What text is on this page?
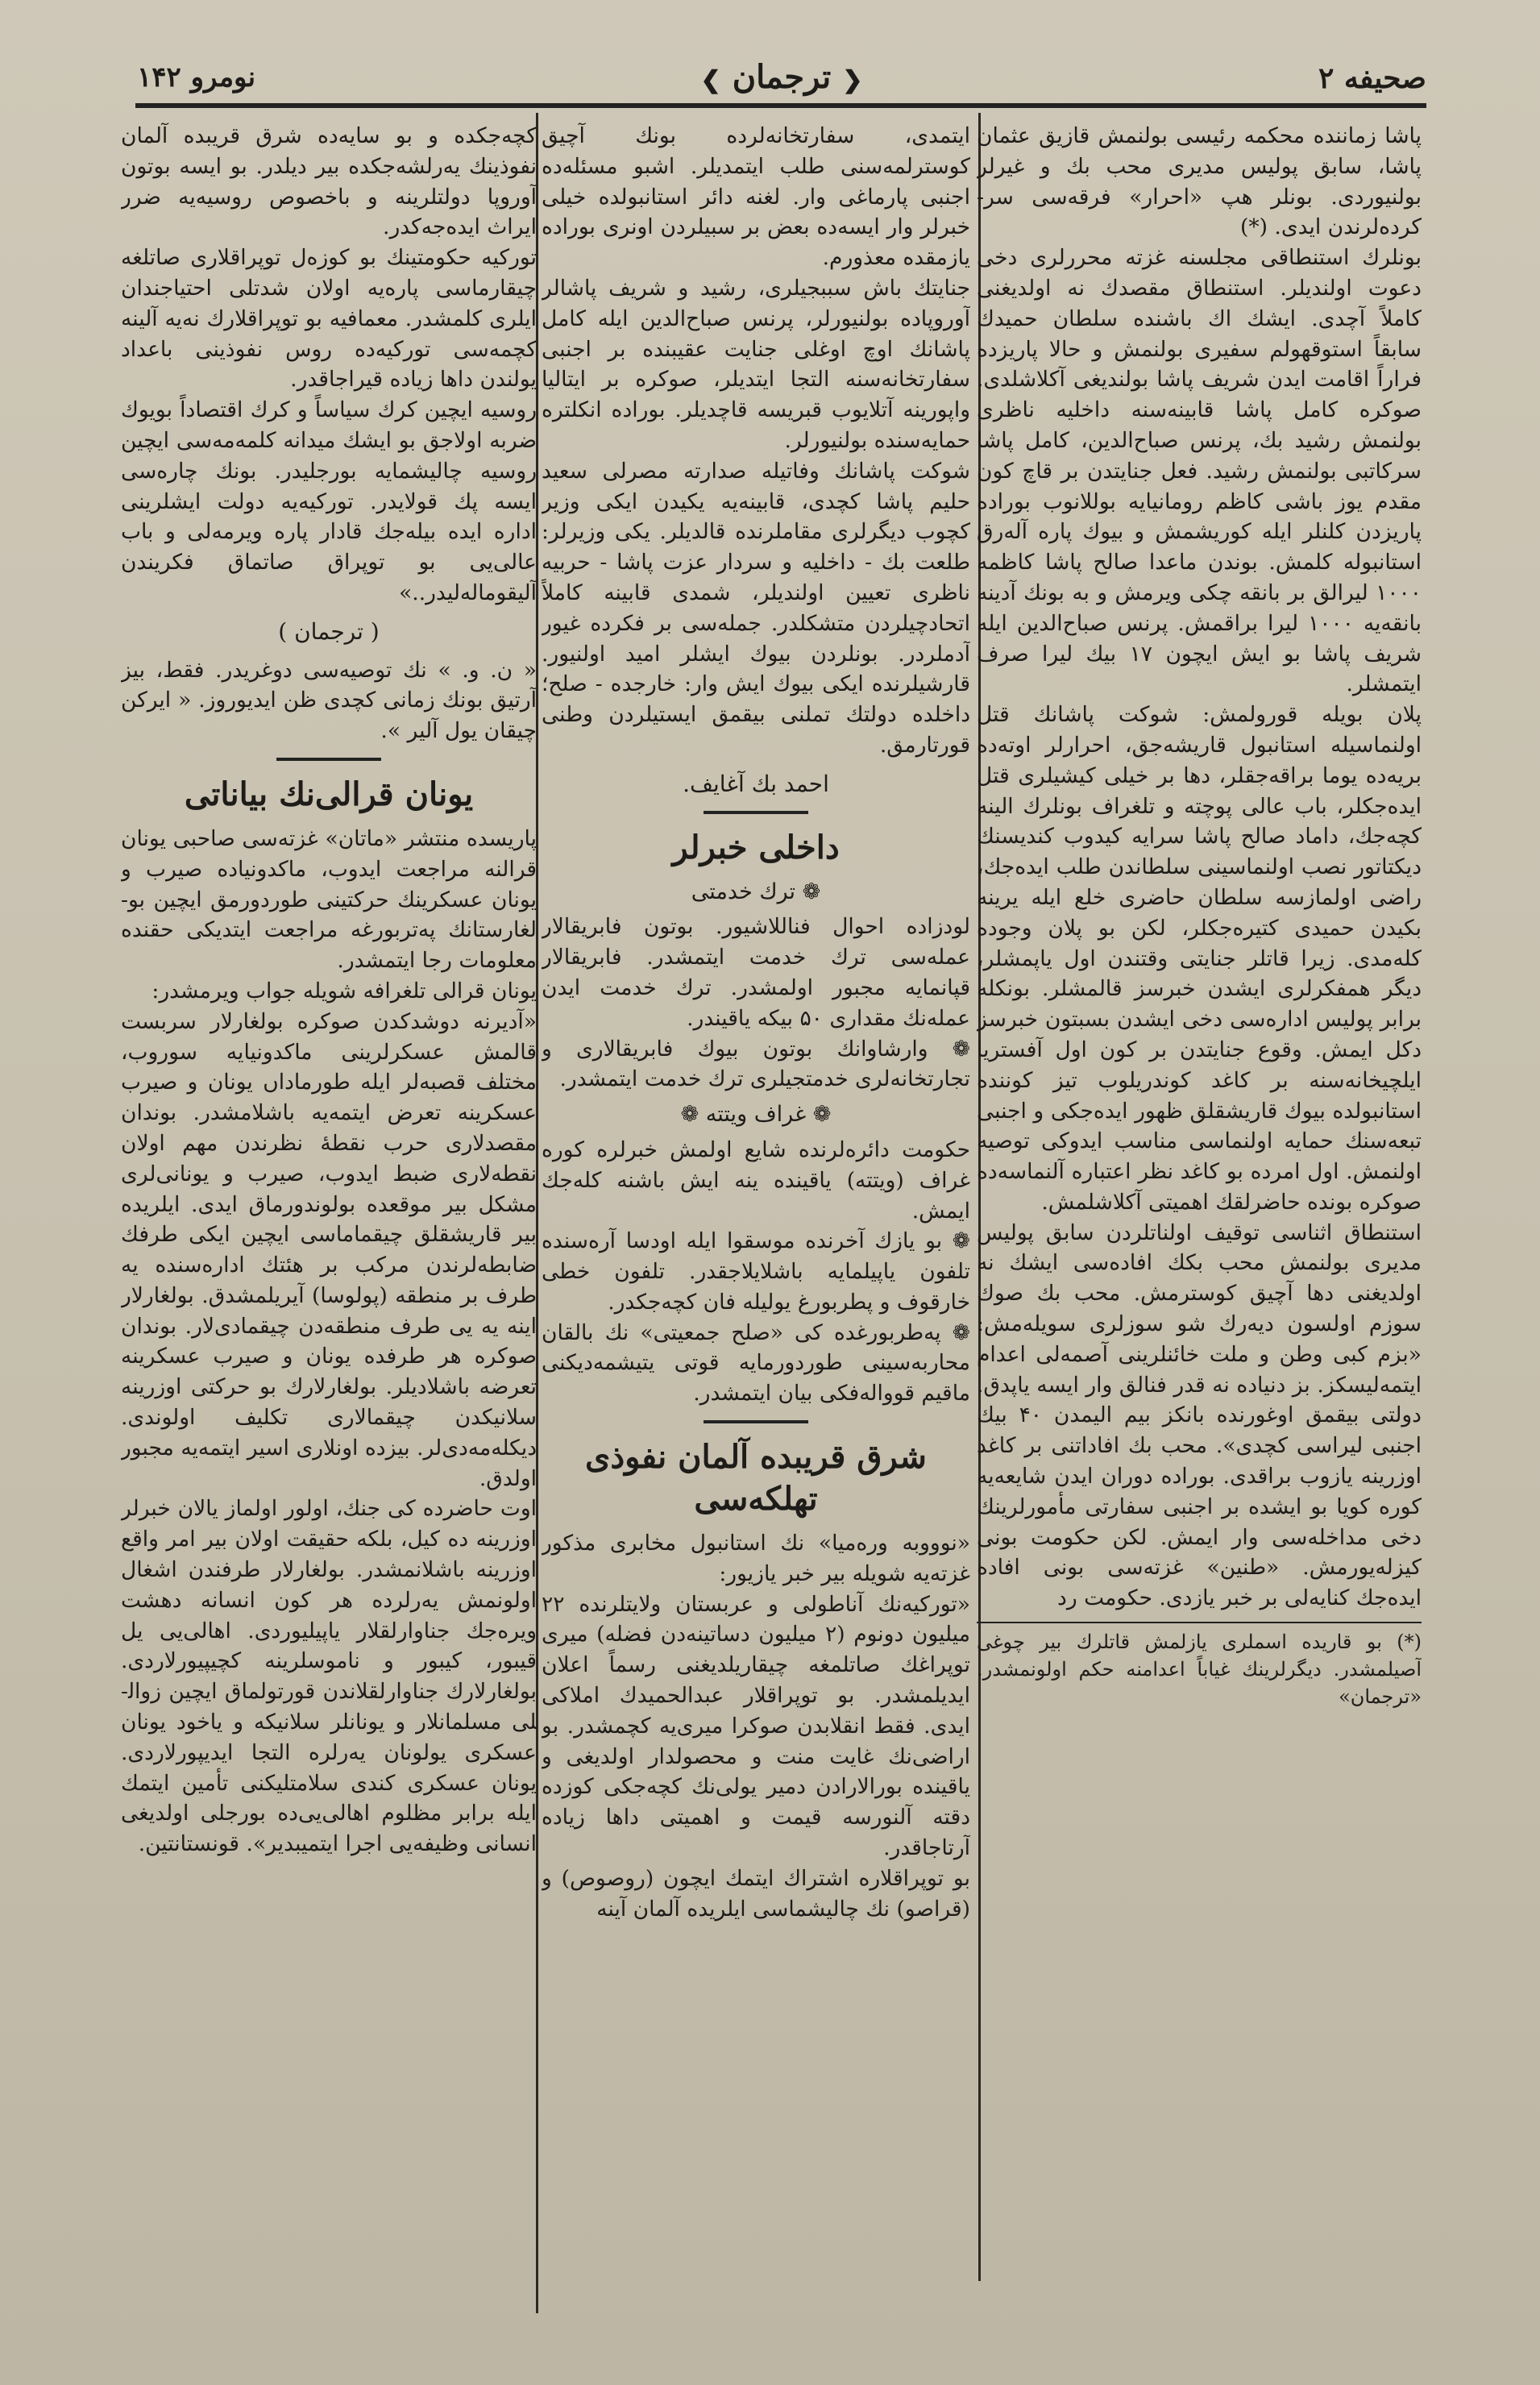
صحیفه ۲
❮ترجمان❯
نومرو ۱۴۲

پاشا زماننده محکمه رئیسی بولنمش قازیق عثمان پاشا، سابق پولیس مدیری محب بك و غیرلر بولنیوردی. بونلر هپ «احرار» فرقه‌سی سرکردەلرندن ایدی. (*)

بونلرك استنطاقی مجلسنه غزته محررلری دخی دعوت اولندیلر. استنطاق مقصدك نه اولدیغنی کاملاً آچدی. ایشك اك باشنده سلطان حمیدك سابقاً استوقهولم سفیری بولنمش و حالا پاریزده فراراً اقامت ایدن شریف پاشا بولندیغی آکلاشلدی. صوکره کامل پاشا قابینه‌سنه داخلیه ناظری بولنمش رشید بك، پرنس صباح‌الدین، کامل پاشا سرکاتبی بولنمش رشید. فعل جنایتدن بر قاچ کون مقدم یوز باشی کاظم رومانیایه بوللانوب بورادە پاریزدن کلنلر ایله کوریشمش و بیوك پاره آلەرق استانبوله کلمش. بوندن ماعدا صالح پاشا کاظمه ۱۰۰۰ لیرالق بر بانقه چکی ویرمش و به بونك آدینه بانقه‌یه ۱۰۰۰ لیرا براقمش. پرنس صباح‌الدین ایله شریف پاشا بو ایش ایچون ۱۷ بیك لیرا صرف ایتمشلر.

پلان بویله قورولمش: شوکت پاشانك قتل اولنماسیله استانبول قاریشەجق، احرارلر اوتەدە بریەدە یوما براقەجقلر، دها بر خیلی کیشیلری قتل ایدەجکلر، باب عالی پوچته و تلغراف بونلرك الینه کچەجك، داماد صالح پاشا سرایه کیدوب کندیسنك دیکتاتور نصب اولنماسینی سلطاندن طلب ایدەجك، راضی اولمازسه سلطان حاضری خلع ایله یرینه بکیدن حمیدی کتیرەجکلر، لکن بو پلان وجوده کلەمدی. زیرا قاتلر جنایتی وقتندن اول یاپمشلر، دیگر همفکرلری ایشدن خبرسز قالمشلر. بونکله برابر پولیس ادارەسی دخی ایشدن بسبتون خبرسز دکل ایمش. وقوع جنایتدن بر کون اول آفستریا ایلچیخانه‌سنه بر کاغد کوندریلوب تیز کوننده استانبولده بیوك قاریشقلق ظهور ایدەجکی و اجنبی تبعه‌سنك حمایه اولنماسی مناسب ایدوکی توصیه اولنمش. اول امردە بو کاغد نظر اعتباره آلنماسەدە صوکره بوندە حاضرلقك اهمیتی آکلاشلمش.

استنطاق اثناسی توقیف اولناتلردن سابق پولیس مدیری بولنمش محب بکك افادەسی ایشك نه اولدیغنی دها آچیق کوسترمش. محب بك صوك سوزم اولسون دیه‌رك شو سوزلری سویلەمش: «بزم کبی وطن و ملت خائنلرینی آصمەلی اعدام ایتمەلیسکز. بز دنیاده نه قدر فنالق وار ایسه یاپدق. دولتی بیقمق اوغورنده بانکز بیم الیمدن ۴۰ بیك اجنبی لیراسی کچدی». محب بك افاداتنی بر کاغد اوزرینه یازوب براقدی. بورادە دوران ایدن شایعەیه کوره کویا بو ایشده بر اجنبی سفارتی مأمورلرینك دخی مداخله‌سی وار ایمش. لکن حکومت بونی کیزلەیورمش. «طنین» غزته‌سی بونی افاده ایدەجك کنایه‌لی بر خبر یازدی. حکومت رد

(*) بو قاریده اسملری یازلمش قاتلرك بیر چوغی آصیلمشدر. دیگرلرینك غیاباً اعدامنه حکم اولونمشدر. «ترجمان»

ایتمدی، سفارتخانه‌لرده بونك آچیق کوسترلمەسنی طلب ایتمدیلر. اشبو مسئلەدە اجنبی پارماغی وار. لغنه دائر استانبولده خیلی خبرلر وار ایسەده بعض بر سبیلردن اونری بورادە یازمقده معذورم.

جنایتك باش سببجیلری، رشید و شریف پاشالر آوروپاده بولنیورلر، پرنس صباح‌الدین ایله کامل پاشانك اوچ اوغلی جنایت عقیبنده بر اجنبی سفارتخانه‌سنه التجا ایتدیلر، صوکره بر ایتالیا واپورینه آتلایوب قبریسه قاچدیلر. بورادە انکلتره حمایه‌سنده بولنیورلر.

شوکت پاشانك وفاتیله صدارته مصرلی سعید حلیم پاشا کچدی، قابینه‌یه یکیدن ایکی وزیر کچوب دیگرلری مقاملرنده قالدیلر. یکی وزیرلر: طلعت بك - داخلیه و سردار عزت پاشا - حربیه ناظری تعیین اولندیلر، شمدی قابینه کاملاً اتحادچیلردن متشکلدر. جمله‌سی بر فکرده غیور آدملردر. بونلردن بیوك ایشلر امید اولنیور. قارشیلرنده ایکی بیوك ایش وار: خارجده - صلح؛ داخلده دولتك تملنی بیقمق ایستیلردن وطنی قورتارمق.

احمد بك آغایف.
داخلی خبرلر
❁ ترك خدمتی

لودزاده احوال فناللاشیور. بوتون فابریقالار عمله‌سی ترك خدمت ایتمشدر. فابریقالار قپانمایه مجبور اولمشدر. ترك خدمت ایدن عمله‌نك مقداری ۵۰ بیکه یاقیندر.

❁ وارشاوانك بوتون بیوك فابریقالاری و تجارتخانه‌لری خدمتجیلری ترك خدمت ایتمشدر.

❁ غراف ویتته ❁

حکومت دائره‌لرنده شایع اولمش خبرلره کوره غراف (ویتته) یاقینده ینه ایش باشنه کله‌جك ایمش.

❁ بو یازك آخرنده موسقوا ایله اودسا آره‌سنده تلفون یاپیلمایه باشلایلاجقدر. تلفون خطی خارقوف و پطربورغ یولیله‌ فان کچەجکدر.

❁ په‌طربورغده کی «صلح جمعیتی» نك بالقان محاربه‌سینی طوردورمایه قوتی یتیشمەدیکنی ماقیم قوواله‌فکی بیان ایتمشدر.

شرق قریبده آلمان نفوذی تهلکەسی

«نوووبه وره‌میا» نك استانبول مخابری مذکور غزته‌یه شویله بیر خبر یازیور:

«تورکیه‌نك آناطولی و عربستان ولایتلرنده ۲۲ میلیون دونوم (۲ میلیون دساتینه‌دن فضله) میری توپراغك صاتلمغه چیقاریلدیغنی رسماً اعلان ایدیلمشدر. بو توپراقلار عبدالحمیدك املاکی ایدی. فقط انقلابدن صوکرا میری‌یه کچمشدر. بو اراضی‌نك غایت منت و محصولدار اولدیغی و یاقینده بورالارادن دمیر یولی‌نك کچەجکی کوزده دقته آلنورسه قیمت و اهمیتی داها زیاده آرتاجاقدر.

بو توپراقلاره اشتراك ایتمك ایچون (روصوص) و (قراصو) نك چالیشماسی ایلریده آلمان آینه

کچەجکده و بو سایەدە شرق قریبده آلمان نفوذینك یەرلشەجکده بیر دیلدر. بو ایسه بوتون آوروپا دولتلرینه و باخصوص روسیه‌یه ضرر ایراث ایده‌جەکدر.

تورکیه حکومتینك بو کوزەل توپراقلاری صاتلغه چیقارماسی پارەیه اولان شدتلی احتیاجندان ایلری کلمشدر. معمافیه بو توپراقلارك نه‌یه آلینه کچمه‌سی تورکیەدە روس نفوذینی باعداد یولندن داها زیاده قیراجاقدر.

روسیه ایچین کرك سیاساً و کرك اقتصاداً بویوك ضربه اولاجق بو ایشك میدانه کلمه‌مه‌سی ایچین روسیه چالیشمایه بورجلیدر. بونك چاره‌سی ایسه پك قولایدر. تورکیه‌یه دولت ایشلرینی اداره ایده بیلەجك قادار پاره ویرمه‌لی و باب عالی‌یی بو توپراق صاتماق فکریندن آلیقوماله‌لیدر..»

( ترجمان )

« ن. و. » نك توصیەسی دوغریدر. فقط، بیز آرتیق بونك زمانی کچدی ظن ایدیوروز. « ایرکن چیقان یول آلیر ».

یونان قرالی‌نك بیاناتی

پاریسده منتشر «ماتان» غزته‌سی صاحبی یونان قرالنه مراجعت ایدوب، ماکدونیاده صیرب و یونان عسکرینك حرکتینی طوردورمق ایچین بولغارستانك پەتربورغه مراجعت ایتدیکی حقنده معلومات رجا ایتمشدر.

یونان قرالی تلغرافه شویله جواب ویرمشدر:

«آدیرنه دوشدکدن صوکره بولغارلار سربست قالمش عسکرلرینی ماکدونیایه سوروب، مختلف قصبەلر ایله طورماداں یونان و صیرب عسکرینه تعرض ایتمەیه باشلامشدر. بوندان مقصدلاری حرب نقطۀ نظرندن مهم اولان نقطه‌لاری ضبط ایدوب، صیرب و یونانی‌لری مشکل بیر موقعده بولوندورماق ایدی. ایلریده بیر قاریشقلق چیقماماسی ایچین ایکی طرفك ضابطه‌لرندن مرکب بر هئتك اداره‌سنده یه طرف بر منطقه (پولوسا) آیریلمشدق. بولغارلار اینه یه یی طرف منطقەدن چیقمادی‌لار. بوندان صوکره هر طرفده یونان و صیرب عسکرینه تعرضه باشلادیلر. بولغارلارك بو حرکتی اوزرینه سلانیکدن چیقمالاری تکلیف اولوندی. دیکلەمەدی‌لر. بیزده اونلاری اسیر ایتمەیه مجبور اولدق.

اوت حاضرده کی جنك، اولور اولماز یالان خبرلر اوزرینه ده کیل، بلکه حقیقت اولان بیر امر واقع اوزرینه باشلانمشدر. بولغارلار طرفندن اشغال اولونمش یەرلرده هر کون انسانه دهشت ویرەجك جناوارلقلار یاپیلیوردی. اهالی‌یی یل قیبور، کیبور و ناموسلرینه کچیپیورلاردی. بولغارلارك جناوارلقلاندن قورتولماق ایچین زواللی مسلمانلار و یونانلر سلانیکه و یاخود یونان عسکری یولونان یەرلره التجا ایدیپورلاردی. یونان عسکری کندی سلامتلیکنی تأمین ایتمك ایله برابر مظلوم اهالی‌یی‌ده بورجلی اولدیغی انسانی وظیفه‌یی اجرا ایتمیبدیر». قونستانتین.
